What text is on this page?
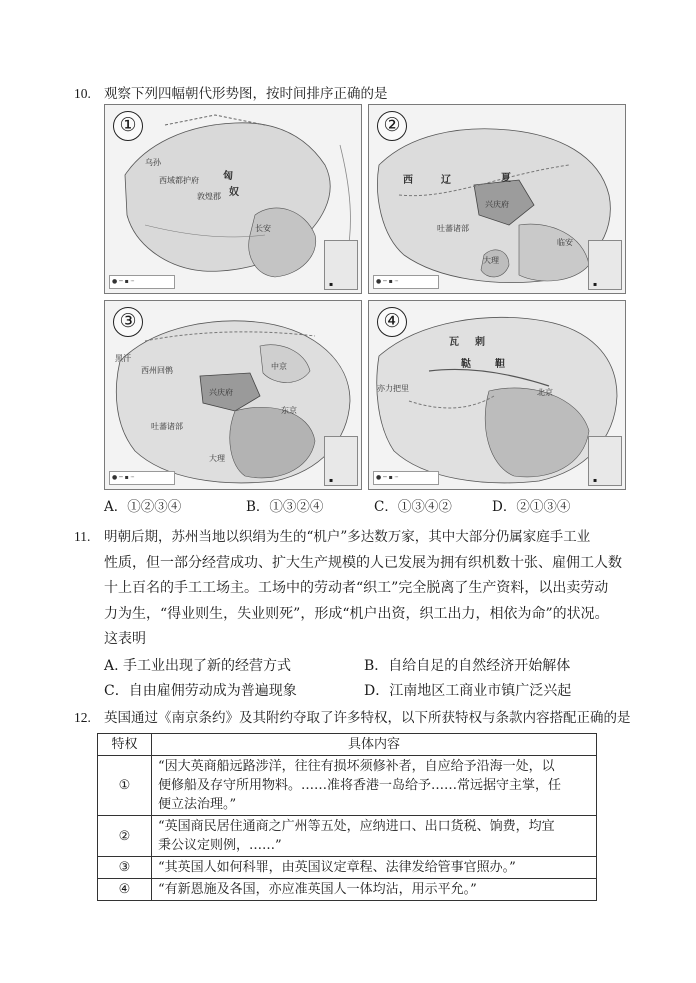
10. 观察下列四幅朝代形势图，按时间排序正确的是
①
匈
奴
西域都护府
敦煌郡
长安
乌孙
● ─ ▪ ┄	▪
②
西 辽	夏
兴庆府
吐蕃诸部
大理
临安
● ─ ▪ ┄	▪
③
黑汗
西州回鹘
兴庆府
东京
吐蕃诸部
大理
中京
● ─ ▪ ┄	▪
④
瓦 刺
鞑 靼
亦力把里	北京
● ─ ▪ ┄	▪
A．①②③④	B．①③②④	C．①③④②	D．②①③④
11. 明朝后期，苏州当地以织绢为生的“机户”多达数万家，其中大部分仍属家庭手工业
性质，但一部分经营成功、扩大生产规模的人已发展为拥有织机数十张、雇佣工人数
十上百名的手工工场主。工场中的劳动者“织工”完全脱离了生产资料，以出卖劳动
力为生，“得业则生，失业则死”，形成“机户出资，织工出力，相依为命”的状况。
这表明
A. 手工业出现了新的经营方式	B．自给自足的自然经济开始解体
C．自由雇佣劳动成为普遍现象	D．江南地区工商业市镇广泛兴起
12. 英国通过《南京条约》及其附约夺取了许多特权，以下所获特权与条款内容搭配正确的是
特权	具体内容
①	“因大英商船远路涉洋，往往有损坏须修补者，自应给予沿海一处，以
便修船及存守所用物料。……准将香港一岛给予……常远据守主掌，任
便立法治理。”

②	“英国商民居住通商之广州等五处，应纳进口、出口货税、饷费，均宜
秉公议定则例，……”

③	“其英国人如何科罪，由英国议定章程、法律发给管事官照办。”

④	“有新恩施及各国，亦应准英国人一体均沾，用示平允。”
